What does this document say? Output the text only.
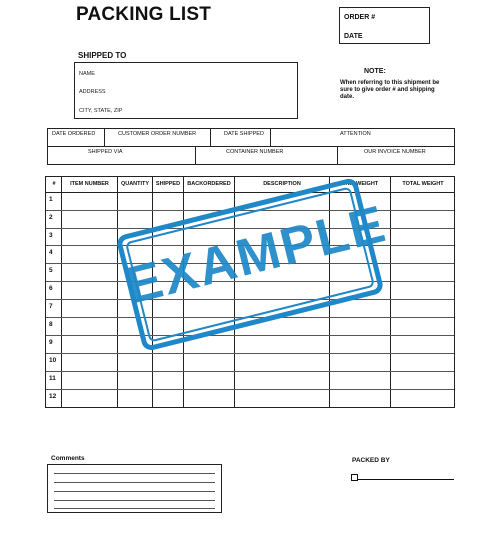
PACKING LIST	ORDER #
DATE
SHIPPED TO
NAME
ADDRESS
CITY, STATE, ZIP
NOTE:
When referring to this shipment be sure to give order # and shipping date.
DATE ORDERED	CUSTOMER ORDER NUMBER	DATE SHIPPED	ATTENTION
SHIPPED VIA	CONTAINER NUMBER	OUR INVOICE NUMBER
#	ITEM NUMBER	QUANTITY	SHIPPED	BACKORDERED	DESCRIPTION	UNIT WEIGHT	TOTAL WEIGHT
1
2
3
4
5
6
7
8
9
10
11
12
EXAMPLE
Comments	PACKED BY
